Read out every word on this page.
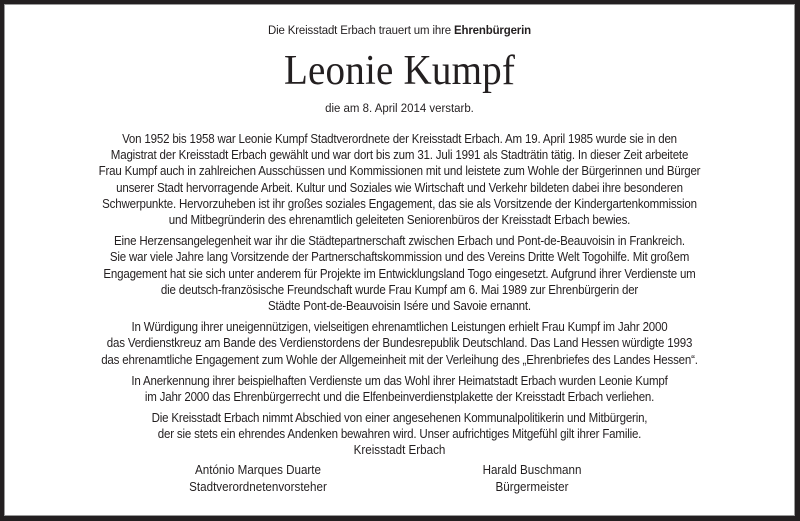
Die Kreisstadt Erbach trauert um ihre Ehrenbürgerin
Leonie Kumpf
die am 8. April 2014 verstarb.

Von 1952 bis 1958 war Leonie Kumpf Stadtverordnete der Kreisstadt Erbach. Am 19. April 1985 wurde sie in den
Magistrat der Kreisstadt Erbach gewählt und war dort bis zum 31. Juli 1991 als Stadträtin tätig. In dieser Zeit arbeitete
Frau Kumpf auch in zahlreichen Ausschüssen und Kommissionen mit und leistete zum Wohle der Bürgerinnen und Bürger
unserer Stadt hervorragende Arbeit. Kultur und Soziales wie Wirtschaft und Verkehr bildeten dabei ihre besonderen
Schwerpunkte. Hervorzuheben ist ihr großes soziales Engagement, das sie als Vorsitzende der Kindergartenkommission
und Mitbegründerin des ehrenamtlich geleiteten Seniorenbüros der Kreisstadt Erbach bewies.

Eine Herzensangelegenheit war ihr die Städtepartnerschaft zwischen Erbach und Pont-de-Beauvoisin in Frankreich.
Sie war viele Jahre lang Vorsitzende der Partnerschaftskommission und des Vereins Dritte Welt Togohilfe. Mit großem
Engagement hat sie sich unter anderem für Projekte im Entwicklungsland Togo eingesetzt. Aufgrund ihrer Verdienste um
die deutsch-französische Freundschaft wurde Frau Kumpf am 6. Mai 1989 zur Ehrenbürgerin der
Städte Pont-de-Beauvoisin Isére und Savoie ernannt.

In Würdigung ihrer uneigennützigen, vielseitigen ehrenamtlichen Leistungen erhielt Frau Kumpf im Jahr 2000
das Verdienstkreuz am Bande des Verdienstordens der Bundesrepublik Deutschland. Das Land Hessen würdigte 1993
das ehrenamtliche Engagement zum Wohle der Allgemeinheit mit der Verleihung des „Ehrenbriefes des Landes Hessen“.

In Anerkennung ihrer beispielhaften Verdienste um das Wohl ihrer Heimatstadt Erbach wurden Leonie Kumpf
im Jahr 2000 das Ehrenbürgerrecht und die Elfenbeinverdienstplakette der Kreisstadt Erbach verliehen.

Die Kreisstadt Erbach nimmt Abschied von einer angesehenen Kommunalpolitikerin und Mitbürgerin,
der sie stets ein ehrendes Andenken bewahren wird. Unser aufrichtiges Mitgefühl gilt ihrer Familie.

Kreisstadt Erbach
António Marques Duarte
Stadtverordnetenvorsteher
Harald Buschmann
Bürgermeister
